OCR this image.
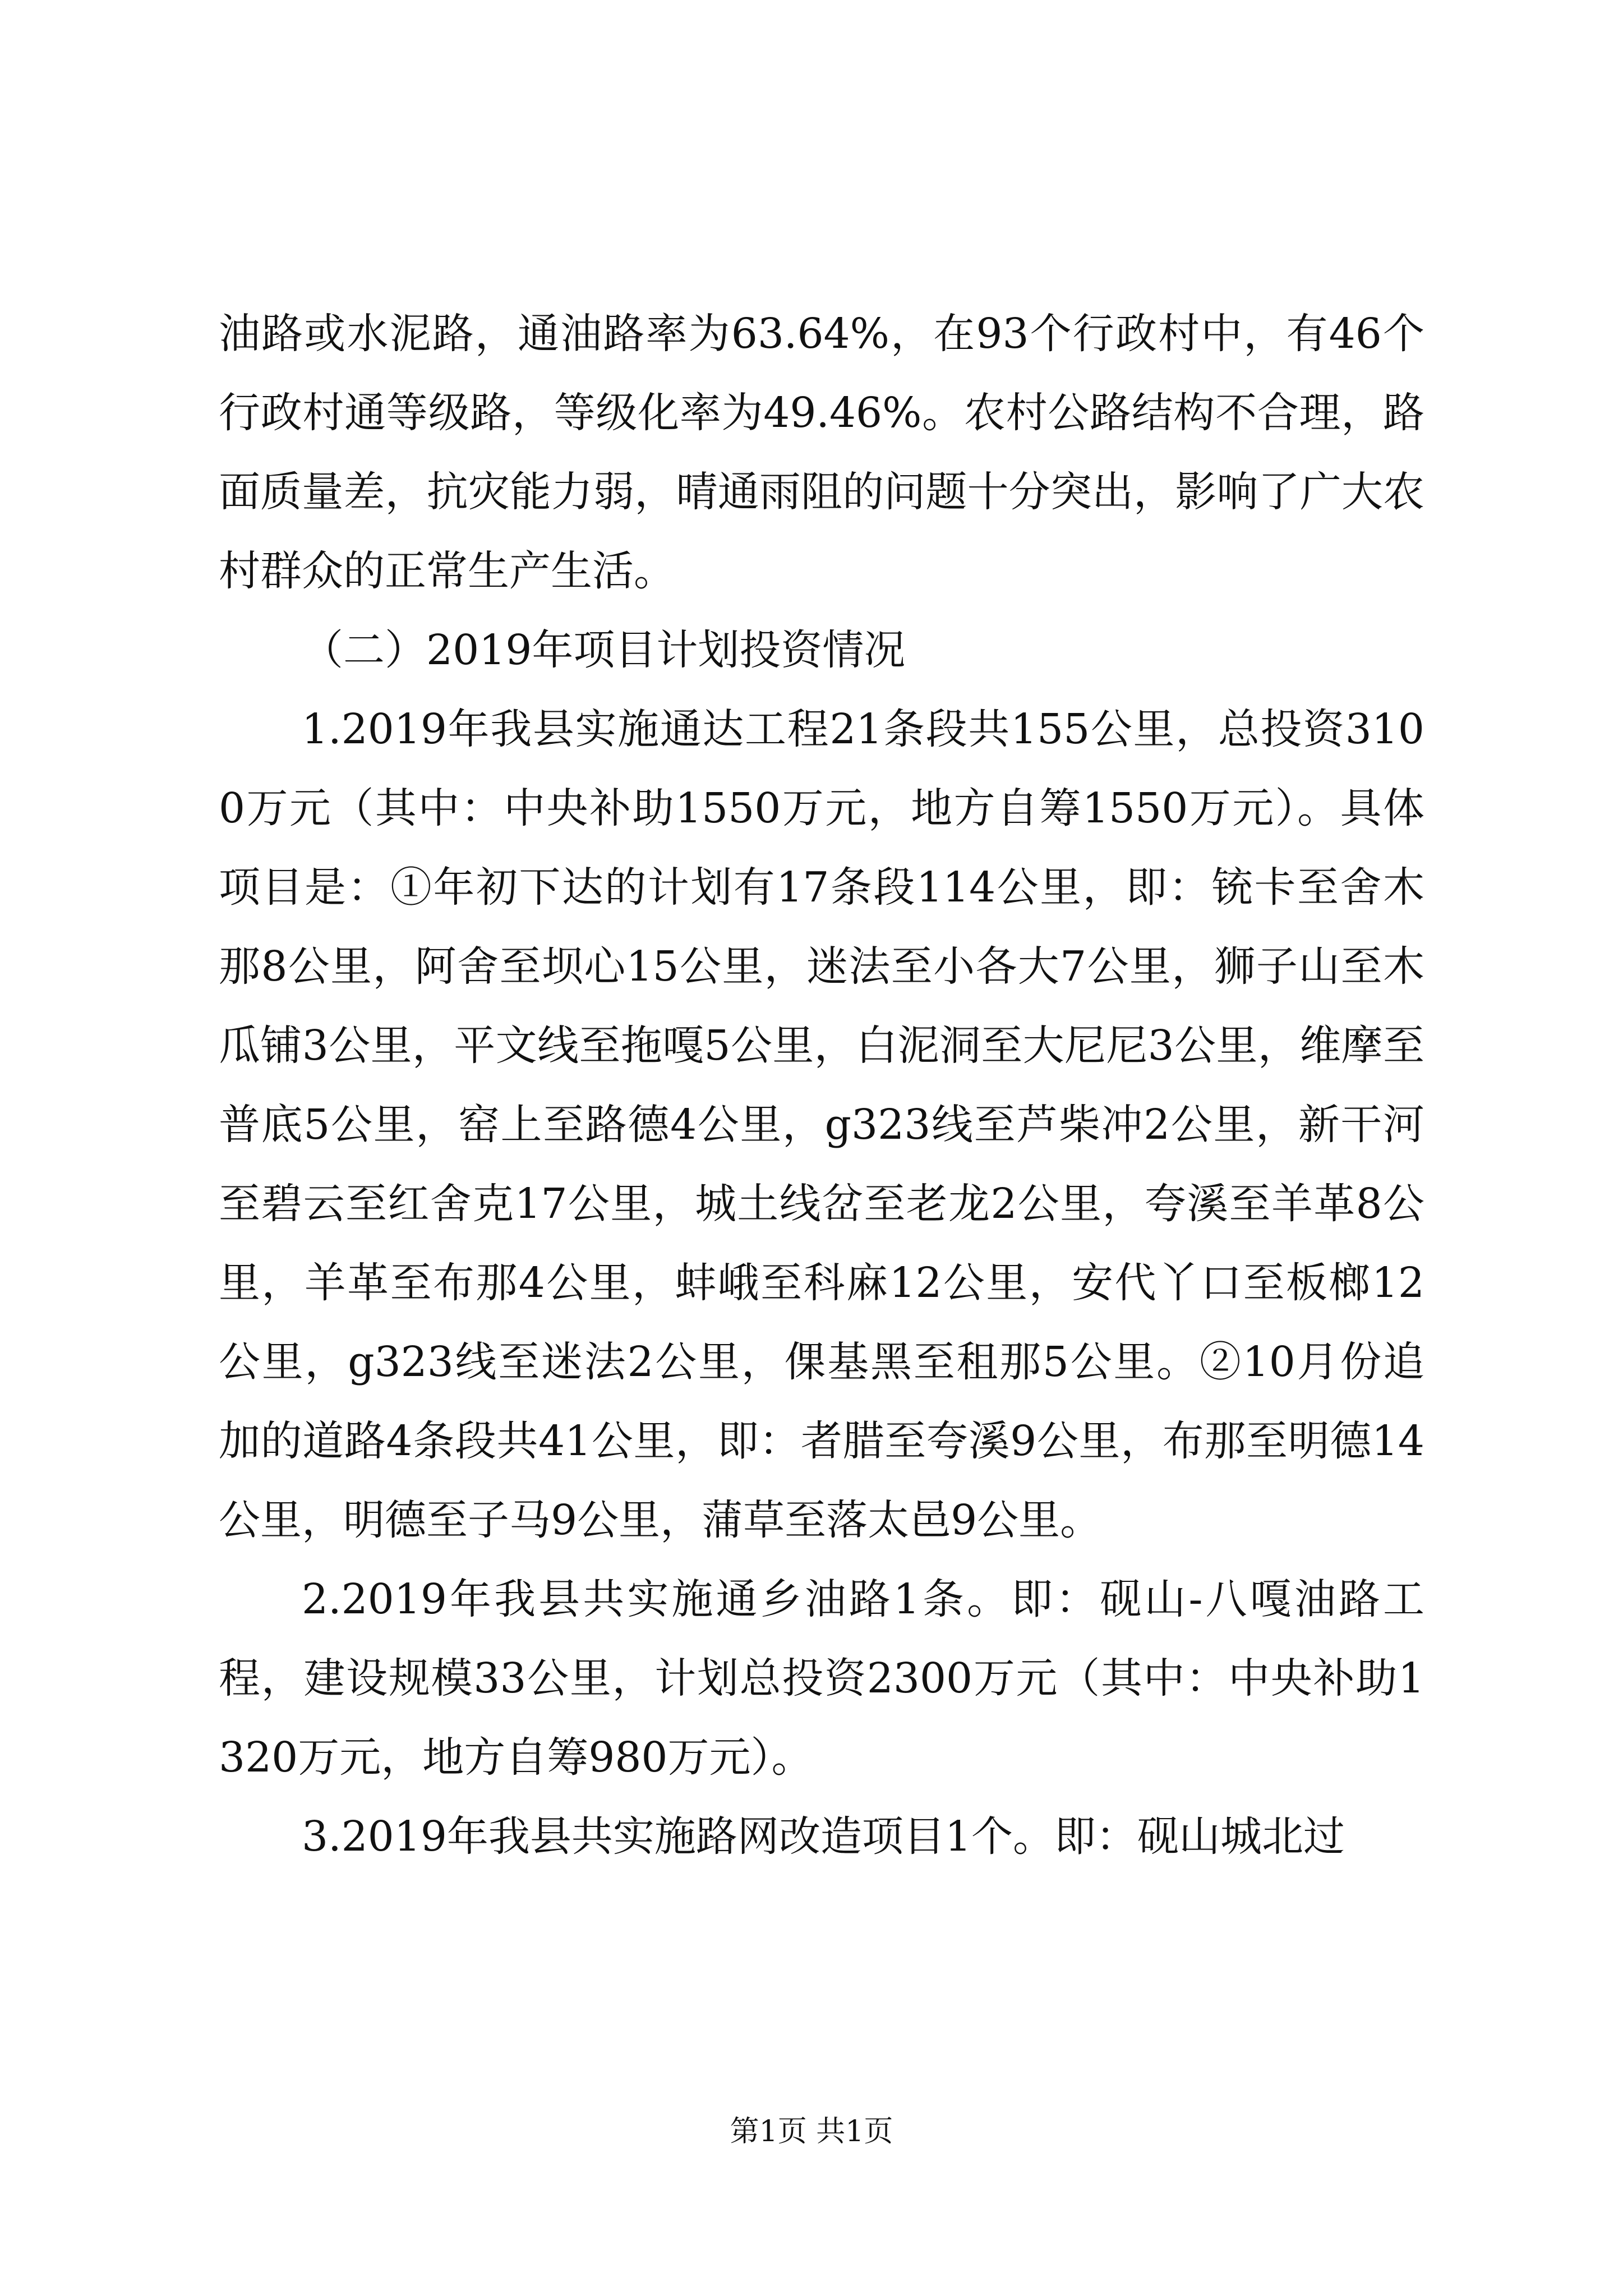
油路或水泥路，通油路率为63.64%，在93个行政村中，有46个行政村通等级路，等级化率为49.46%。农村公路结构不合理，路面质量差，抗灾能力弱，晴通雨阻的问题十分突出，影响了广大农村群众的正常生产生活。

（二）2019年项目计划投资情况

1.2019年我县实施通达工程21条段共155公里，总投资3100万元（其中：中央补助1550万元，地方自筹1550万元）。具体项目是：①年初下达的计划有17条段114公里，即：铳卡至舍木那8公里，阿舍至坝心15公里，迷法至小各大7公里，狮子山至木瓜铺3公里，平文线至拖嘎5公里，白泥洞至大尼尼3公里，维摩至普底5公里，窑上至路德4公里，g323线至芦柴冲2公里，新干河至碧云至红舍克17公里，城土线岔至老龙2公里，夸溪至羊革8公里，羊革至布那4公里，蚌峨至科麻12公里，安代丫口至板榔12公里，g323线至迷法2公里，倮基黑至租那5公里。②10月份追加的道路4条段共41公里，即：者腊至夸溪9公里，布那至明德14公里，明德至子马9公里，蒲草至落太邑9公里。

2.2019年我县共实施通乡油路1条。即：砚山-八嘎油路工程，建设规模33公里，计划总投资2300万元（其中：中央补助1320万元，地方自筹980万元）。

3.2019年我县共实施路网改造项目1个。即：砚山城北过

第1页 共1页
